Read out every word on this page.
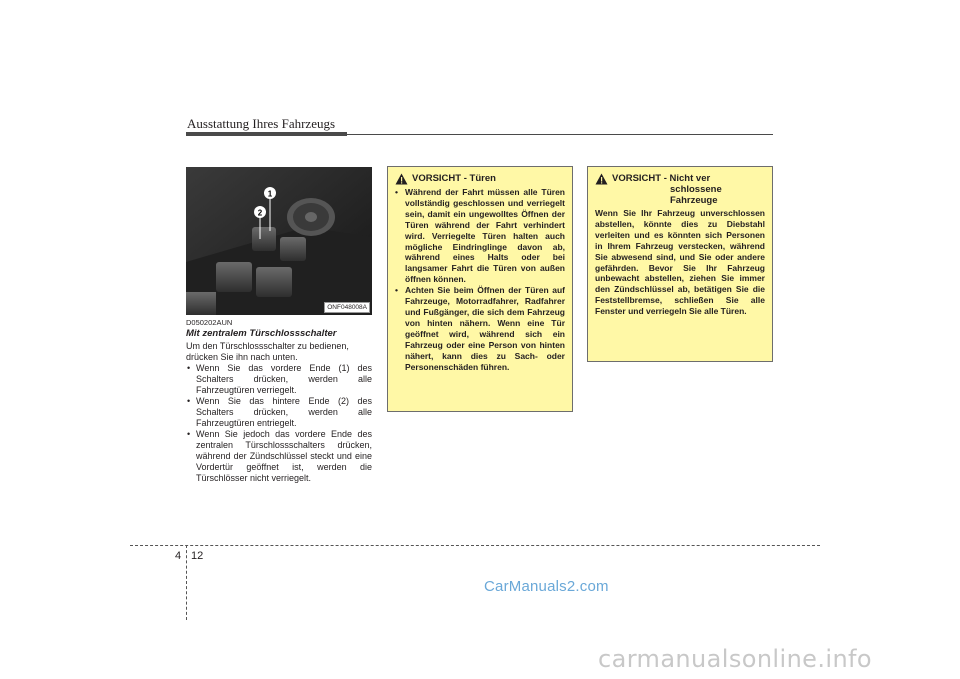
Ausstattung Ihres Fahrzeugs
1
2
ONF048008A
D050202AUN
Mit zentralem Türschlossschalter

Um den Türschlossschalter zu bedienen, drücken Sie ihn nach unten.

• Wenn Sie das vordere Ende (1) des Schalters drücken, werden alle Fahrzeugtüren verriegelt.
• Wenn Sie das hintere Ende (2) des Schalters drücken, werden alle Fahrzeugtüren entriegelt.
• Wenn Sie jedoch das vordere Ende des zentralen Türschlossschalters drücken, während der Zündschlüssel steckt und eine Vordertür geöffnet ist, werden die Türschlösser nicht verriegelt.
VORSICHT - Türen
• Während der Fahrt müssen alle Türen vollständig geschlossen und verriegelt sein, damit ein ungewolltes Öffnen der Türen während der Fahrt verhindert wird. Verriegelte Türen halten auch mögliche Eindringlinge davon ab, während eines Halts oder bei langsamer Fahrt die Türen von außen öffnen können.
• Achten Sie beim Öffnen der Türen auf Fahrzeuge, Motorradfahrer, Radfahrer und Fußgänger, die sich dem Fahrzeug von hinten nähern. Wenn eine Tür geöffnet wird, während sich ein Fahrzeug oder eine Person von hinten nähert, kann dies zu Sach- oder Personenschäden führen.
VORSICHT - Nicht ver
schlossene
Fahrzeuge

Wenn Sie Ihr Fahrzeug unverschlossen abstellen, könnte dies zu Diebstahl verleiten und es könnten sich Personen in Ihrem Fahrzeug verstecken, während Sie abwesend sind, und Sie oder andere gefährden. Bevor Sie Ihr Fahrzeug unbewacht abstellen, ziehen Sie immer den Zündschlüssel ab, betätigen Sie die Feststellbremse, schließen Sie alle Fenster und verriegeln Sie alle Türen.

4 12
CarManuals2.com
carmanualsonline.info
